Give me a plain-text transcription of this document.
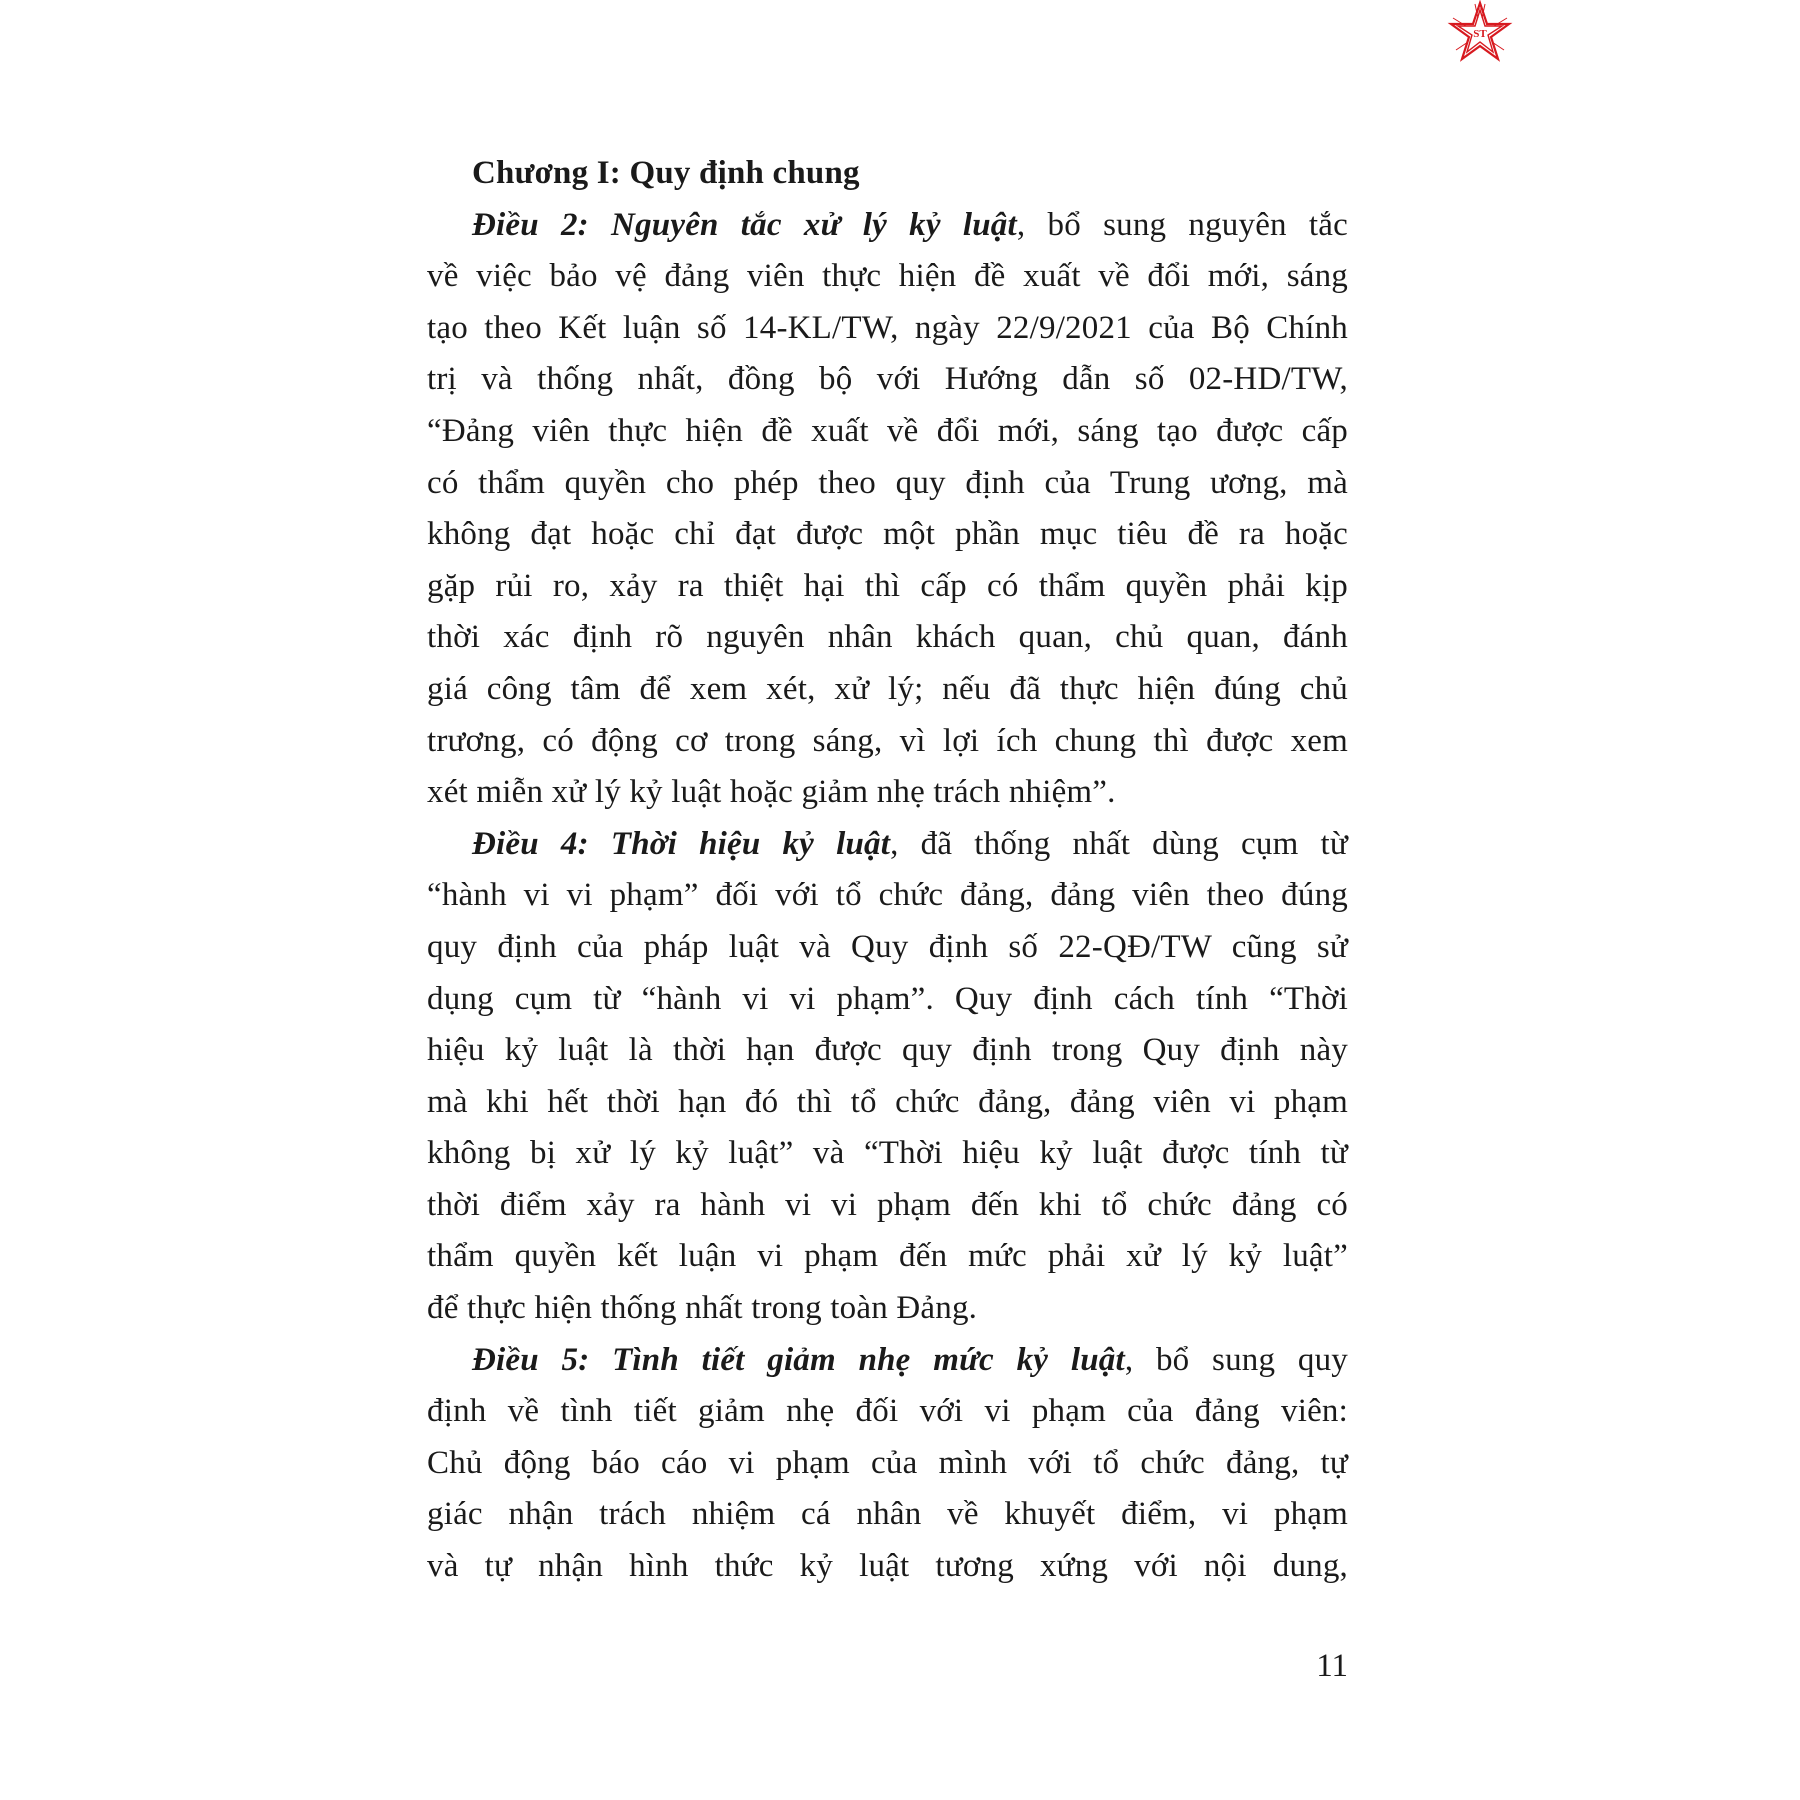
ST
Chương I: Quy định chung
Điều 2: Nguyên tắc xử lý kỷ luật, bổ sung nguyên tắc
về việc bảo vệ đảng viên thực hiện đề xuất về đổi mới, sáng
tạo theo Kết luận số 14-KL/TW, ngày 22/9/2021 của Bộ Chính
trị và thống nhất, đồng bộ với Hướng dẫn số 02-HD/TW,
“Đảng viên thực hiện đề xuất về đổi mới, sáng tạo được cấp
có thẩm quyền cho phép theo quy định của Trung ương, mà
không đạt hoặc chỉ đạt được một phần mục tiêu đề ra hoặc
gặp rủi ro, xảy ra thiệt hại thì cấp có thẩm quyền phải kịp
thời xác định rõ nguyên nhân khách quan, chủ quan, đánh
giá công tâm để xem xét, xử lý; nếu đã thực hiện đúng chủ
trương, có động cơ trong sáng, vì lợi ích chung thì được xem
xét miễn xử lý kỷ luật hoặc giảm nhẹ trách nhiệm”.
Điều 4: Thời hiệu kỷ luật, đã thống nhất dùng cụm từ
“hành vi vi phạm” đối với tổ chức đảng, đảng viên theo đúng
quy định của pháp luật và Quy định số 22-QĐ/TW cũng sử
dụng cụm từ “hành vi vi phạm”. Quy định cách tính “Thời
hiệu kỷ luật là thời hạn được quy định trong Quy định này
mà khi hết thời hạn đó thì tổ chức đảng, đảng viên vi phạm
không bị xử lý kỷ luật” và “Thời hiệu kỷ luật được tính từ
thời điểm xảy ra hành vi vi phạm đến khi tổ chức đảng có
thẩm quyền kết luận vi phạm đến mức phải xử lý kỷ luật”
để thực hiện thống nhất trong toàn Đảng.
Điều 5: Tình tiết giảm nhẹ mức kỷ luật, bổ sung quy
định về tình tiết giảm nhẹ đối với vi phạm của đảng viên:
Chủ động báo cáo vi phạm của mình với tổ chức đảng, tự
giác nhận trách nhiệm cá nhân về khuyết điểm, vi phạm
và tự nhận hình thức kỷ luật tương xứng với nội dung,
11
